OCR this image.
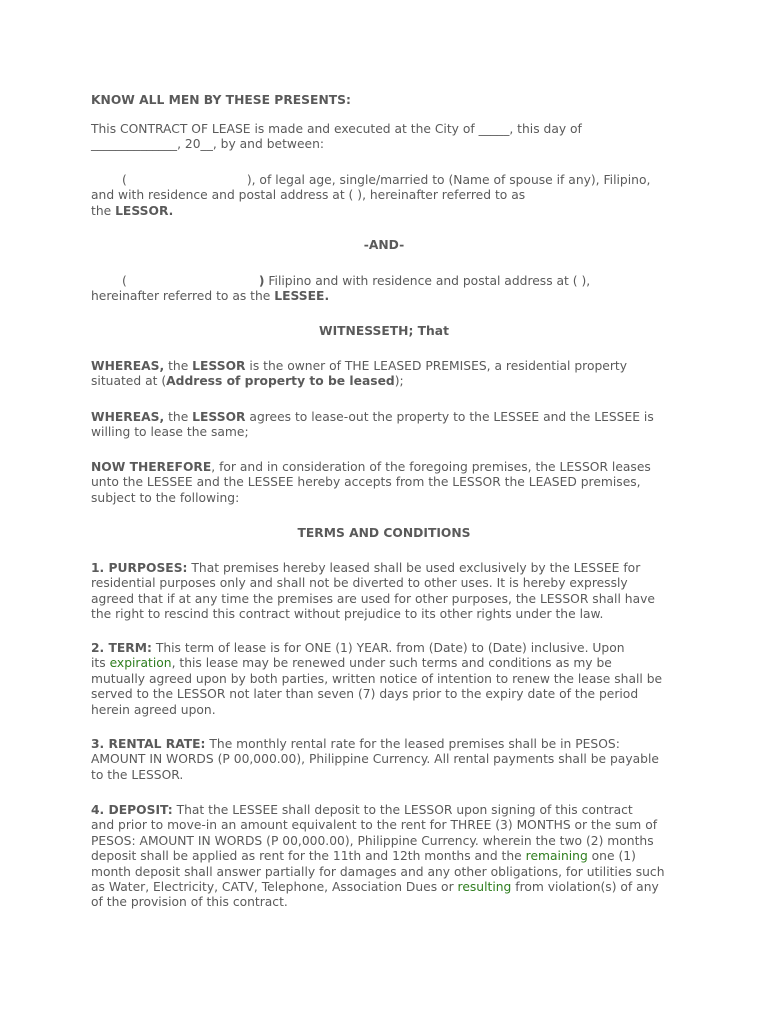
KNOW ALL MEN BY THESE PRESENTS:

This CONTRACT OF LEASE is made and executed at the City of _____, this day of
______________, 20__, by and between:

(	), of legal age, single/married to (Name of spouse if any), Filipino,
and with residence and postal address at ( ), hereinafter referred to as
the LESSOR.

-AND-

(	) Filipino and with residence and postal address at ( ),
hereinafter referred to as the LESSEE.

WITNESSETH; That

WHEREAS, the LESSOR is the owner of THE LEASED PREMISES, a residential property
situated at (Address of property to be leased);

WHEREAS, the LESSOR agrees to lease-out the property to the LESSEE and the LESSEE is
willing to lease the same;

NOW THEREFORE, for and in consideration of the foregoing premises, the LESSOR leases
unto the LESSEE and the LESSEE hereby accepts from the LESSOR the LEASED premises,
subject to the following:

TERMS AND CONDITIONS

1. PURPOSES: That premises hereby leased shall be used exclusively by the LESSEE for
residential purposes only and shall not be diverted to other uses. It is hereby expressly
agreed that if at any time the premises are used for other purposes, the LESSOR shall have
the right to rescind this contract without prejudice to its other rights under the law.

2. TERM: This term of lease is for ONE (1) YEAR. from (Date) to (Date) inclusive. Upon
its expiration, this lease may be renewed under such terms and conditions as my be
mutually agreed upon by both parties, written notice of intention to renew the lease shall be
served to the LESSOR not later than seven (7) days prior to the expiry date of the period
herein agreed upon.

3. RENTAL RATE: The monthly rental rate for the leased premises shall be in PESOS:
AMOUNT IN WORDS (P 00,000.00), Philippine Currency. All rental payments shall be payable
to the LESSOR.

4. DEPOSIT: That the LESSEE shall deposit to the LESSOR upon signing of this contract
and prior to move-in an amount equivalent to the rent for THREE (3) MONTHS or the sum of
PESOS: AMOUNT IN WORDS (P 00,000.00), Philippine Currency. wherein the two (2) months
deposit shall be applied as rent for the 11th and 12th months and the remaining one (1)
month deposit shall answer partially for damages and any other obligations, for utilities such
as Water, Electricity, CATV, Telephone, Association Dues or resulting from violation(s) of any
of the provision of this contract.
